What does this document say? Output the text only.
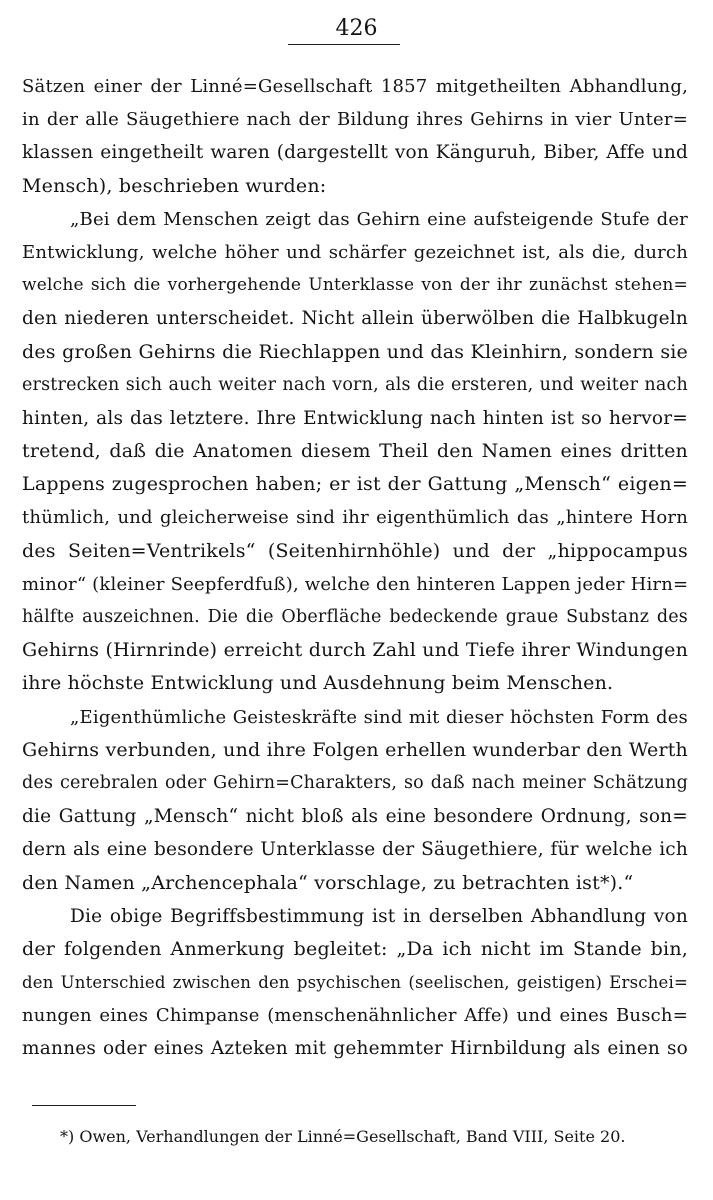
426
Sätzen einer der Linné=Gesellschaft 1857 mitgetheilten Abhandlung,
in der alle Säugethiere nach der Bildung ihres Gehirns in vier Unter=
klassen eingetheilt waren (dargestellt von Känguruh, Biber, Affe und
Mensch), beschrieben wurden:
„Bei dem Menschen zeigt das Gehirn eine aufsteigende Stufe der
Entwicklung, welche höher und schärfer gezeichnet ist, als die, durch
welche sich die vorhergehende Unterklasse von der ihr zunächst stehen=
den niederen unterscheidet. Nicht allein überwölben die Halbkugeln
des großen Gehirns die Riechlappen und das Kleinhirn, sondern sie
erstrecken sich auch weiter nach vorn, als die ersteren, und weiter nach
hinten, als das letztere. Ihre Entwicklung nach hinten ist so hervor=
tretend, daß die Anatomen diesem Theil den Namen eines dritten
Lappens zugesprochen haben; er ist der Gattung „Mensch“ eigen=
thümlich, und gleicherweise sind ihr eigenthümlich das „hintere Horn
des Seiten=Ventrikels“ (Seitenhirnhöhle) und der „hippocampus
minor“ (kleiner Seepferdfuß), welche den hinteren Lappen jeder Hirn=
hälfte auszeichnen. Die die Oberfläche bedeckende graue Substanz des
Gehirns (Hirnrinde) erreicht durch Zahl und Tiefe ihrer Windungen
ihre höchste Entwicklung und Ausdehnung beim Menschen.
„Eigenthümliche Geisteskräfte sind mit dieser höchsten Form des
Gehirns verbunden, und ihre Folgen erhellen wunderbar den Werth
des cerebralen oder Gehirn=Charakters, so daß nach meiner Schätzung
die Gattung „Mensch“ nicht bloß als eine besondere Ordnung, son=
dern als eine besondere Unterklasse der Säugethiere, für welche ich
den Namen „Archencephala“ vorschlage, zu betrachten ist*).“
Die obige Begriffsbestimmung ist in derselben Abhandlung von
der folgenden Anmerkung begleitet: „Da ich nicht im Stande bin,
den Unterschied zwischen den psychischen (seelischen, geistigen) Erschei=
nungen eines Chimpanse (menschenähnlicher Affe) und eines Busch=
mannes oder eines Azteken mit gehemmter Hirnbildung als einen so
*) Owen, Verhandlungen der Linné=Gesellschaft, Band VIII, Seite 20.
